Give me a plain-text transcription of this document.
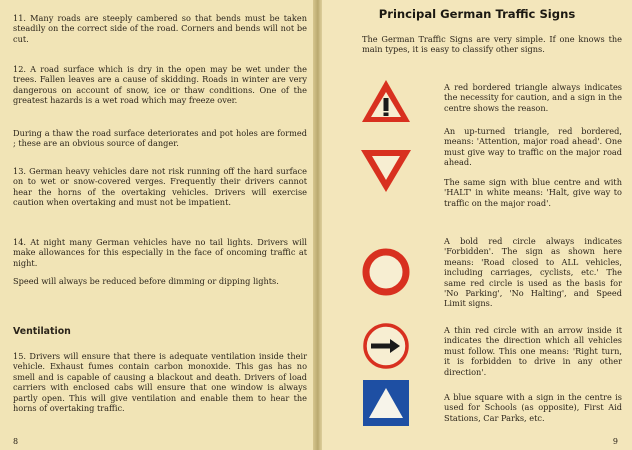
11. Many roads are steeply cambered so that bends must be taken steadily on the correct side of the road. Corners and bends will not be cut.

12. A road surface which is dry in the open may be wet under the trees. Fallen leaves are a cause of skidding. Roads in winter are very dangerous on account of snow, ice or thaw conditions. One of the greatest hazards is a wet road which may freeze over.

During a thaw the road surface deteriorates and pot holes are formed ; these are an obvious source of danger.

13. German heavy vehicles dare not risk running off the hard surface on to wet or snow-covered verges. Frequently their drivers cannot hear the horns of the overtaking vehicles. Drivers will exercise caution when overtaking and must not be impatient.

14. At night many German vehicles have no tail lights. Drivers will make allowances for this especially in the face of oncoming traffic at night.

Speed will always be reduced before dimming or dipping lights.

Ventilation

15. Drivers will ensure that there is adequate ventilation inside their vehicle. Exhaust fumes contain carbon monoxide. This gas has no smell and is capable of causing a blackout and death. Drivers of load carriers with enclosed cabs will ensure that one window is always partly open. This will give ventilation and enable them to hear the horns of overtaking traffic.

8
Principal German Traffic Signs

The German Traffic Signs are very simple. If one knows the main types, it is easy to classify other signs.

A red bordered triangle always indicates the necessity for caution, and a sign in the centre shows the reason.

An up-turned triangle, red bordered, means: 'Attention, major road ahead'. One must give way to traffic on the major road ahead.

The same sign with blue centre and with 'HALT' in white means: 'Halt, give way to traffic on the major road'.

A bold red circle always indicates 'Forbidden'. The sign as shown here means: 'Road closed to ALL vehicles, including carriages, cyclists, etc.' The same red circle is used as the basis for 'No Parking', 'No Halting', and Speed Limit signs.

A thin red circle with an arrow inside it indicates the direction which all vehicles must follow. This one means: 'Right turn, it is forbidden to drive in any other direction'.

A blue square with a sign in the centre is used for Schools (as opposite), First Aid Stations, Car Parks, etc.

9
